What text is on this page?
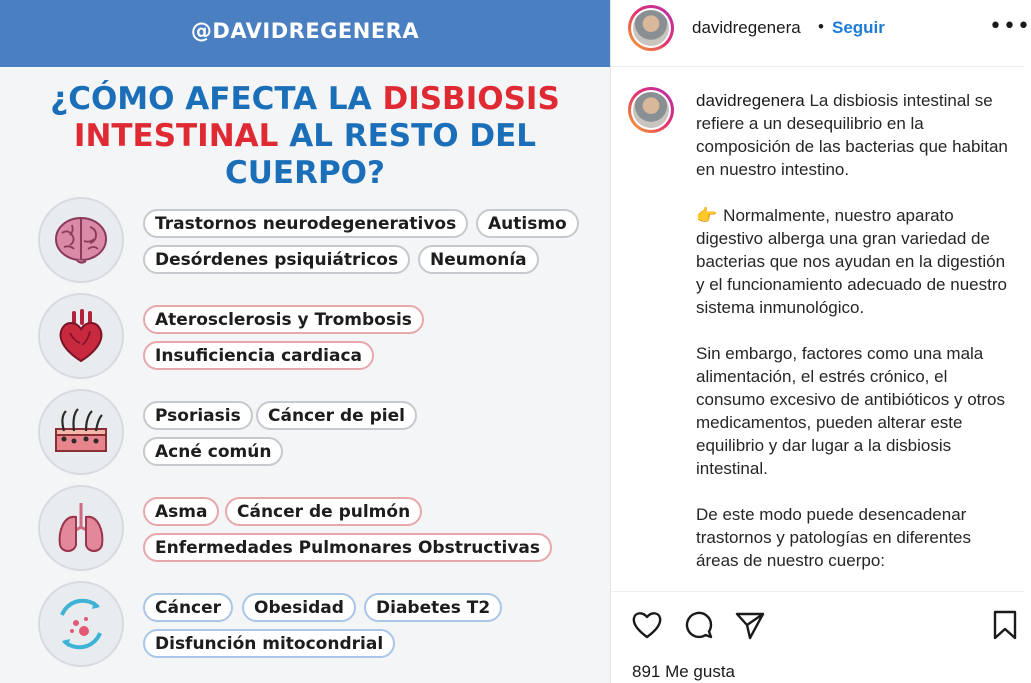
@DAVIDREGENERA
¿CÓMO AFECTA LA DISBIOSIS
INTESTINAL AL RESTO DEL
CUERPO?
Trastornos neurodegenerativos	Autismo
Desórdenes psiquiátricos	Neumonía
Aterosclerosis y Trombosis
Insuficiencia cardiaca
Psoriasis	Cáncer de piel
Acné común
Asma	Cáncer de pulmón
Enfermedades Pulmonares Obstructivas
Cáncer	Obesidad	Diabetes T2
Disfunción mitocondrial
davidregenera • Seguir	•••

davidregenera La disbiosis intestinal se refiere a un desequilibrio en la composición de las bacterias que habitan en nuestro intestino.

👉 Normalmente, nuestro aparato digestivo alberga una gran variedad de bacterias que nos ayudan en la digestión y el funcionamiento adecuado de nuestro sistema inmunológico.

Sin embargo, factores como una mala alimentación, el estrés crónico, el consumo excesivo de antibióticos y otros medicamentos, pueden alterar este equilibrio y dar lugar a la disbiosis intestinal.

De este modo puede desencadenar trastornos y patologías en diferentes áreas de nuestro cuerpo:

891 Me gusta
